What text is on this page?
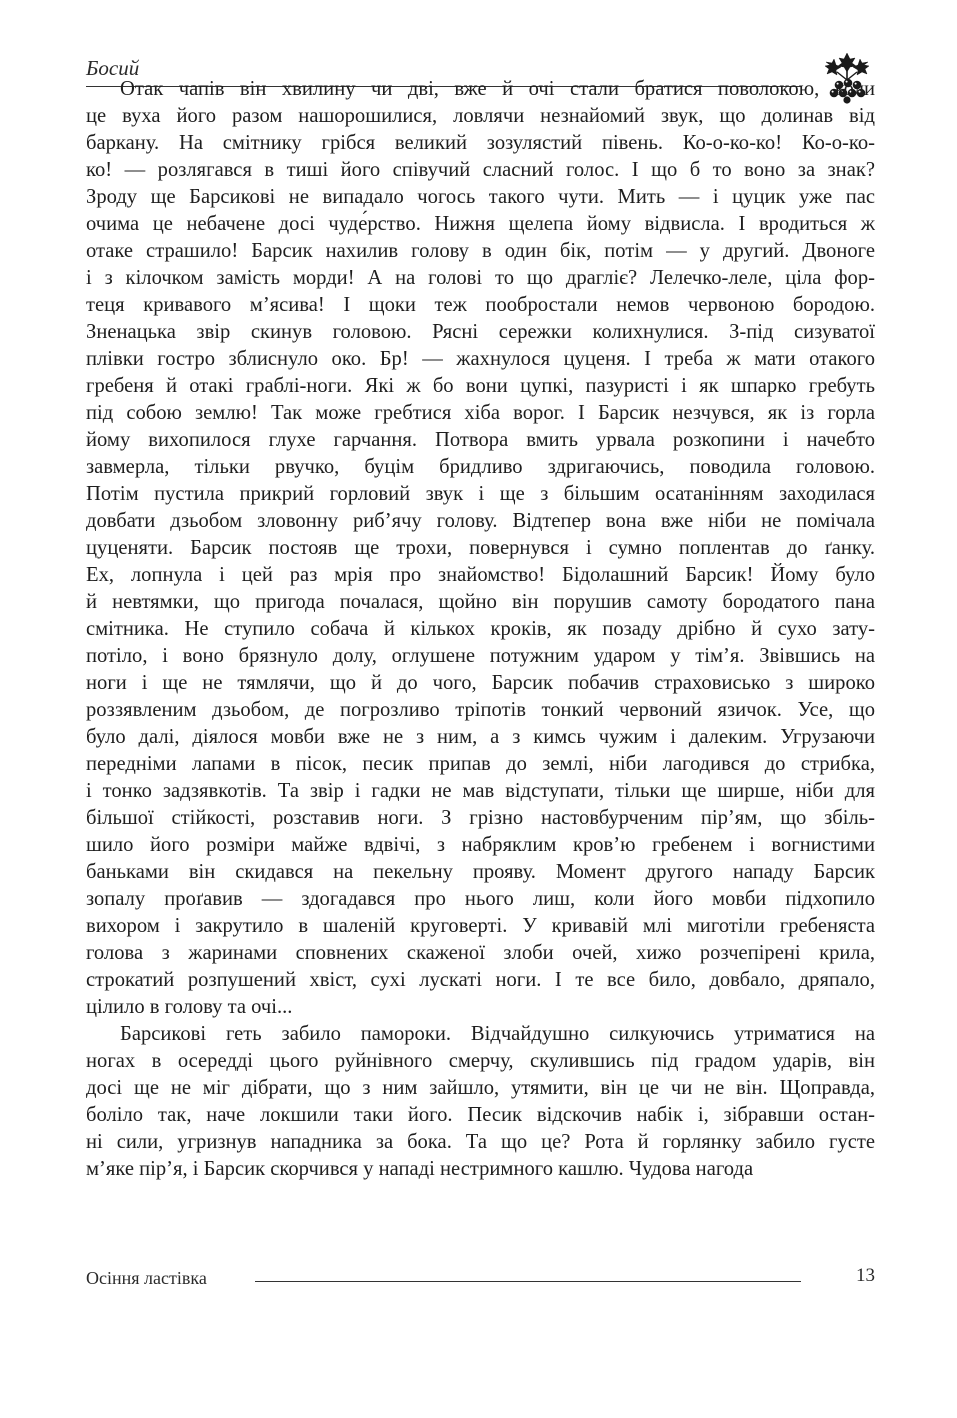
Босий
Отак чапів він хвилину чи дві, вже й очі стали братися поволокою, коли
це вуха його разом нашорошилися, ловлячи незнайомий звук, що долинав від
баркану. На смітнику грібся великий зозулястий півень. Ко-о-ко-ко! Ко-о-ко-
ко! — розлягався в тиші його співучий сласний голос. І що б то воно за знак?
Зроду ще Барсикові не випадало чогось такого чути. Мить — і цуцик уже пас
очима це небачене досі чуде́рство. Нижня щелепа йому відвисла. І вродиться ж
отаке страшило! Барсик нахилив голову в один бік, потім — у другий. Двоноге
і з кілочком замість морди! А на голові то що драгліє? Лелечко-леле, ціла фор-
теця кривавого м’ясива! І щоки теж пообростали немов червоною бородою.
Зненацька звір скинув головою. Рясні сережки колихнулися. З-під сизуватої
плівки гостро зблиснуло око. Бр! — жахнулося цуценя. І треба ж мати отакого
гребеня й отакі граблі-ноги. Які ж бо вони цупкі, пазуристі і як шпарко гребуть
під собою землю! Так може гребтися хіба ворог. І Барсик незчувся, як із горла
йому вихопилося глухе гарчання. Потвора вмить урвала розкопини і начебто
завмерла, тільки рвучко, буцім бридливо здригаючись, поводила головою.
Потім пустила прикрий горловий звук і ще з більшим осатанінням заходилася
довбати дзьобом зловонну риб’ячу голову. Відтепер вона вже ніби не помічала
цуценяти. Барсик постояв ще трохи, повернувся і сумно поплентав до ґанку.
Ех, лопнула і цей раз мрія про знайомство! Бідолашний Барсик! Йому було
й невтямки, що пригода почалася, щойно він порушив самоту бородатого пана
смітника. Не ступило собача й кількох кроків, як позаду дрібно й сухо зату-
потіло, і воно брязнуло долу, оглушене потужним ударом у тім’я. Звівшись на
ноги і ще не тямлячи, що й до чого, Барсик побачив страховисько з широко
роззявленим дзьобом, де погрозливо тріпотів тонкий червоний язичок. Усе, що
було далі, діялося мовби вже не з ним, а з кимсь чужим і далеким. Угрузаючи
передніми лапами в пісок, песик припав до землі, ніби лагодився до стрибка,
і тонко задзявкотів. Та звір і гадки не мав відступати, тільки ще ширше, ніби для
більшої стійкості, розставив ноги. З грізно настовбурченим пір’ям, що збіль-
шило його розміри майже вдвічі, з набряклим кров’ю гребенем і вогнистими
баньками він скидався на пекельну прояву. Момент другого нападу Барсик
зопалу проґавив — здогадався про нього лиш, коли його мовби підхопило
вихором і закрутило в шаленій круговерті. У кривавій млі миготіли гребеняста
голова з жаринами сповнених скаженої злоби очей, хижо розчепірені крила,
строкатий розпушений хвіст, сухі лускаті ноги. І те все било, довбало, дряпало,
цілило в голову та очі...
Барсикові геть забило памороки. Відчайдушно силкуючись утриматися на
ногах в осередді цього руйнівного смерчу, скулившись під градом ударів, він
досі ще не міг дібрати, що з ним зайшло, утямити, він це чи не він. Щоправда,
боліло так, наче локшили таки його. Песик відскочив набік і, зібравши остан-
ні сили, угризнув нападника за бока. Та що це? Рота й горлянку забило густе
м’яке пір’я, і Барсик скорчився у нападі нестримного кашлю. Чудова нагода
Осіння ластівка	13
